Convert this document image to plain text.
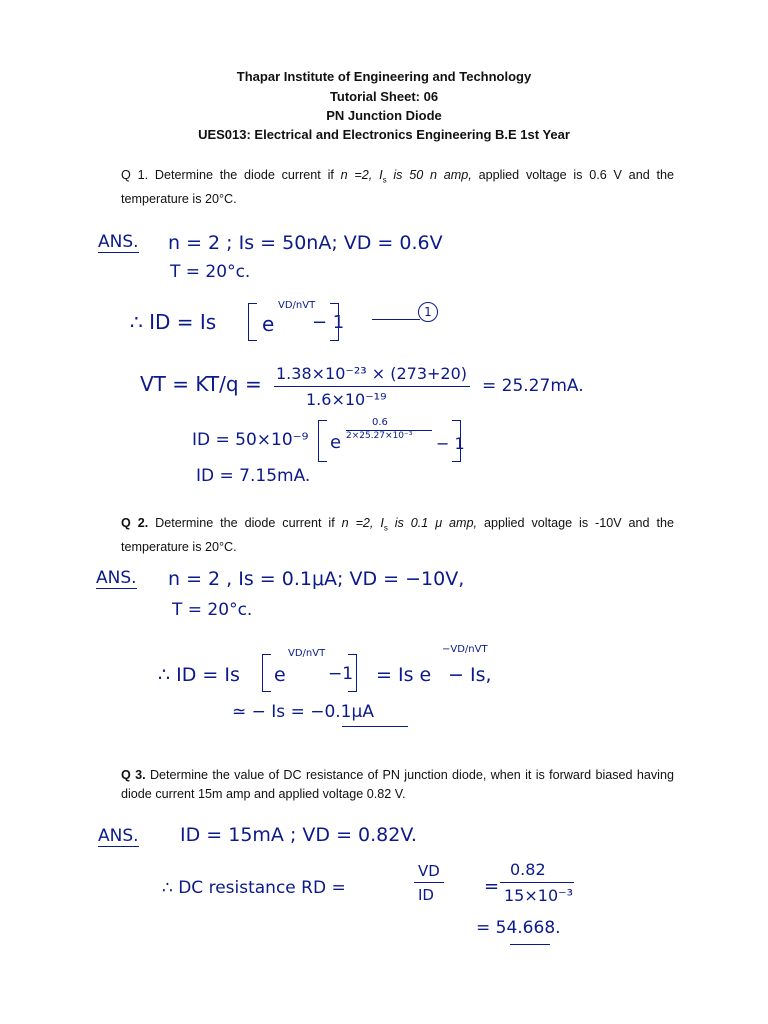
Thapar Institute of Engineering and Technology
Tutorial Sheet: 06
PN Junction Diode
UES013: Electrical and Electronics Engineering B.E 1st Year
Q 1. Determine the diode current if n =2, $I_s$ is 50 n amp, applied voltage is 0.6 V and the temperature is 20°C.
ANS. n = 2 ; Is = 50nA; VD = 0.6V
T = 20°c.
∴ ID = Is e
VD/nVT
− 1	1
VT = KT/q = 1.38×10⁻²³ × (273+20)
1.6×10⁻¹⁹
= 25.27mA.
ID = 50×10⁻⁹ e
0.6
2×25.27×10⁻³ − 1
ID = 7.15mA.
Q 2. Determine the diode current if n =2, $I_s$ is 0.1 μ amp, applied voltage is -10V and the temperature is 20°C.
ANS. n = 2 , Is = 0.1μA; VD = −10V,
T = 20°c.
∴ ID = Is e
VD/nVT
−1 = Is e
−VD/nVT
− Is,
≃ − Is = −0.1μA
Q 3. Determine the value of DC resistance of PN junction diode, when it is forward biased having diode current 15m amp and applied voltage 0.82 V.
ANS. ID = 15mA ; VD = 0.82V.
∴ DC resistance RD =
VD
ID	=
0.82
15×10⁻³
= 54.668.
